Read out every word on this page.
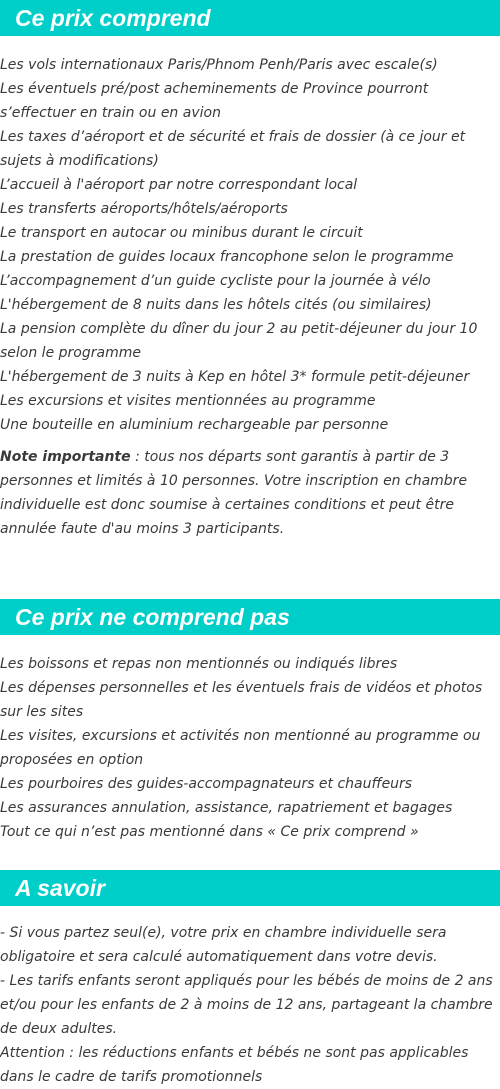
Ce prix comprend
Les vols internationaux Paris/Phnom Penh/Paris avec escale(s)
Les éventuels pré/post acheminements de Province pourront s’effectuer en train ou en avion
Les taxes d’aéroport et de sécurité et frais de dossier (à ce jour et sujets à modifications)
L’accueil à l'aéroport par notre correspondant local
Les transferts aéroports/hôtels/aéroports
Le transport en autocar ou minibus durant le circuit
La prestation de guides locaux francophone selon le programme
L’accompagnement d’un guide cycliste pour la journée à vélo
L'hébergement de 8 nuits dans les hôtels cités (ou similaires)
La pension complète du dîner du jour 2 au petit-déjeuner du jour 10 selon le programme
L'hébergement de 3 nuits à Kep en hôtel 3* formule petit-déjeuner
Les excursions et visites mentionnées au programme
Une bouteille en aluminium rechargeable par personne

Note importante : tous nos départs sont garantis à partir de 3 personnes et limités à 10 personnes. Votre inscription en chambre individuelle est donc soumise à certaines conditions et peut être annulée faute d'au moins 3 participants.

Ce prix ne comprend pas
Les boissons et repas non mentionnés ou indiqués libres
Les dépenses personnelles et les éventuels frais de vidéos et photos sur les sites
Les visites, excursions et activités non mentionné au programme ou proposées en option
Les pourboires des guides-accompagnateurs et chauffeurs
Les assurances annulation, assistance, rapatriement et bagages
Tout ce qui n’est pas mentionné dans « Ce prix comprend »
A savoir
- Si vous partez seul(e), votre prix en chambre individuelle sera obligatoire et sera calculé automatiquement dans votre devis.
- Les tarifs enfants seront appliqués pour les bébés de moins de 2 ans et/ou pour les enfants de 2 à moins de 12 ans, partageant la chambre de deux adultes.
Attention : les réductions enfants et bébés ne sont pas applicables dans le cadre de tarifs promotionnels
